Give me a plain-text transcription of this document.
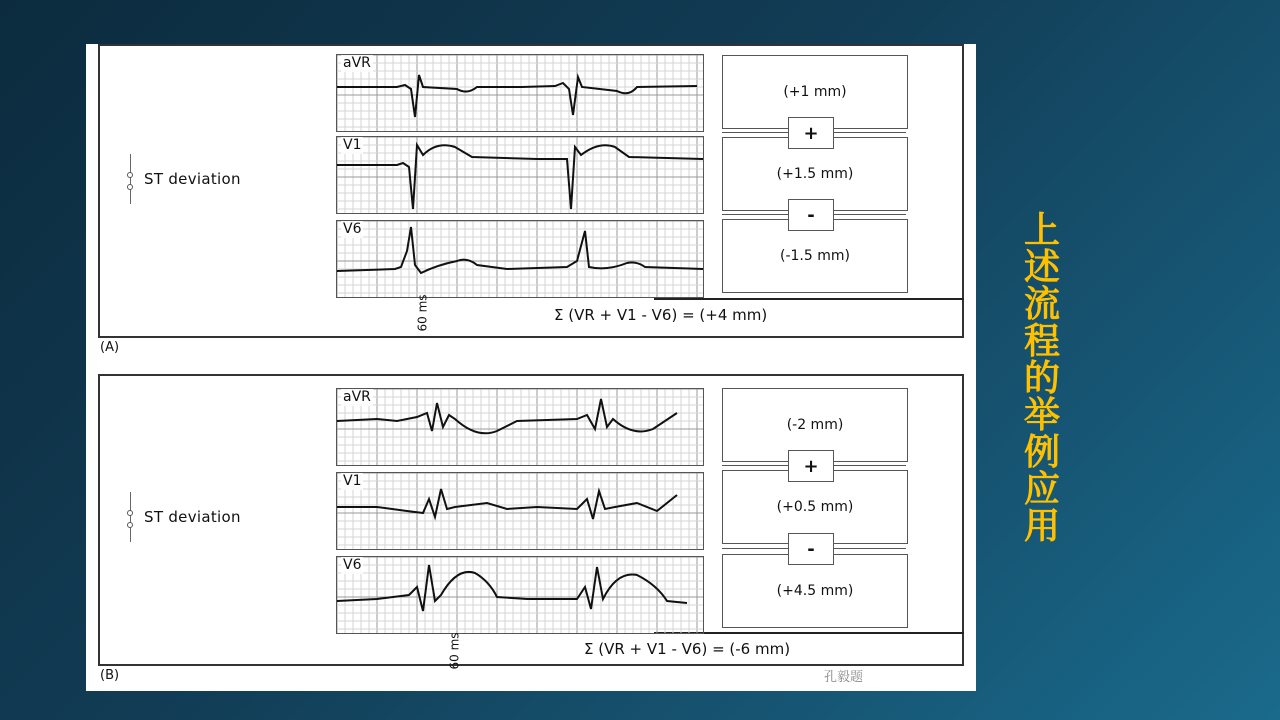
ST deviation
aVR
V1
V6
(+1 mm)
(+1.5 mm)
(-1.5 mm)
+
-
60 ms	Σ (VR + V1 - V6) = (+4 mm)
(A)
ST deviation
aVR
V1
V6
(-2 mm)
(+0.5 mm)
(+4.5 mm)
+
-
60 ms	Σ (VR + V1 - V6) = (-6 mm)
(B)	孔毅题
上
述
流
程
的
举
例
应
用
